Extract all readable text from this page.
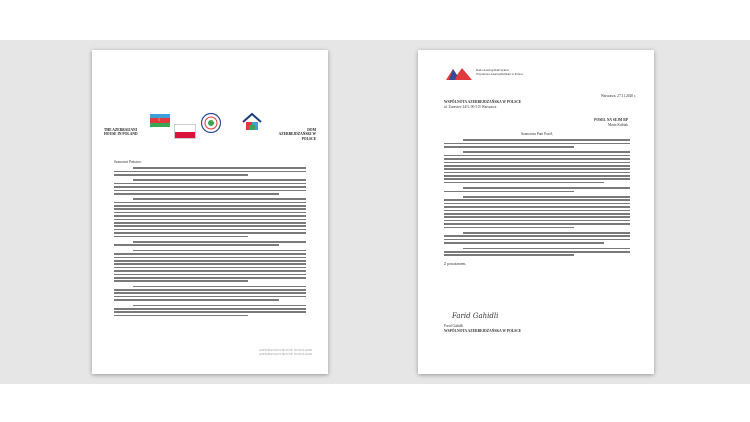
THE AZERBAIJANI HOUSE IN POLAND
☾
DOM AZERBEJDŻAŃSKI W POLSCE
Szanowni Państwo
AZERBAIJANI HOUSE IN POLAND
AZERBAIJANI HOUSE IN POLAND
Rada Azerbejdżańczyków
Wspólnota Azerbejdżańska w Polsce
Warszawa, 27.11.2020 r.
WSPÓLNOTA AZERBEJDŻAŃSKA W POLSCE
ul. Zuraviev 24/3, 00-515 Warszawa
POSEŁ NA SEJM RP
Marta Kubiak
Szanowna Pani Poseł,
Z poważaniem,
Farid Gahidli
Farid Gahidli
WSPÓLNOTA AZERBEJDŻAŃSKA W POLSCE
